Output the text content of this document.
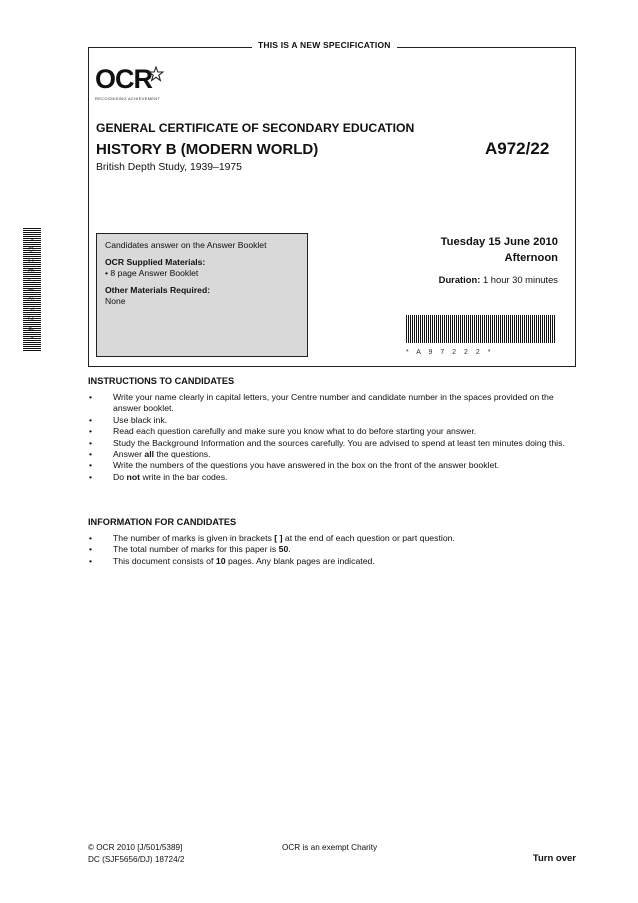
THIS IS A NEW SPECIFICATION
OCR
RECOGNISING ACHIEVEMENT
GENERAL CERTIFICATE OF SECONDARY EDUCATION
HISTORY B (MODERN WORLD)	A972/22
British Depth Study, 1939–1975
Candidates answer on the Answer Booklet
OCR Supplied Materials:
• 8 page Answer Booklet
Other Materials Required:
None
Tuesday 15 June 2010
Afternoon
Duration: 1 hour 30 minutes
* A 9 7 2 2 2 *
* O C E / 1 8 7 2 4 *
INSTRUCTIONS TO CANDIDATES
• Write your name clearly in capital letters, your Centre number and candidate number in the spaces provided on the answer booklet.
• Use black ink.
• Read each question carefully and make sure you know what to do before starting your answer.
• Study the Background Information and the sources carefully. You are advised to spend at least ten minutes doing this.
• Answer all the questions.
• Write the numbers of the questions you have answered in the box on the front of the answer booklet.
• Do not write in the bar codes.
INFORMATION FOR CANDIDATES
• The number of marks is given in brackets [ ] at the end of each question or part question.
• The total number of marks for this paper is 50.
• This document consists of 10 pages. Any blank pages are indicated.
© OCR 2010 [J/501/5389]
DC (SJF5656/DJ) 18724/2
OCR is an exempt Charity
Turn over
